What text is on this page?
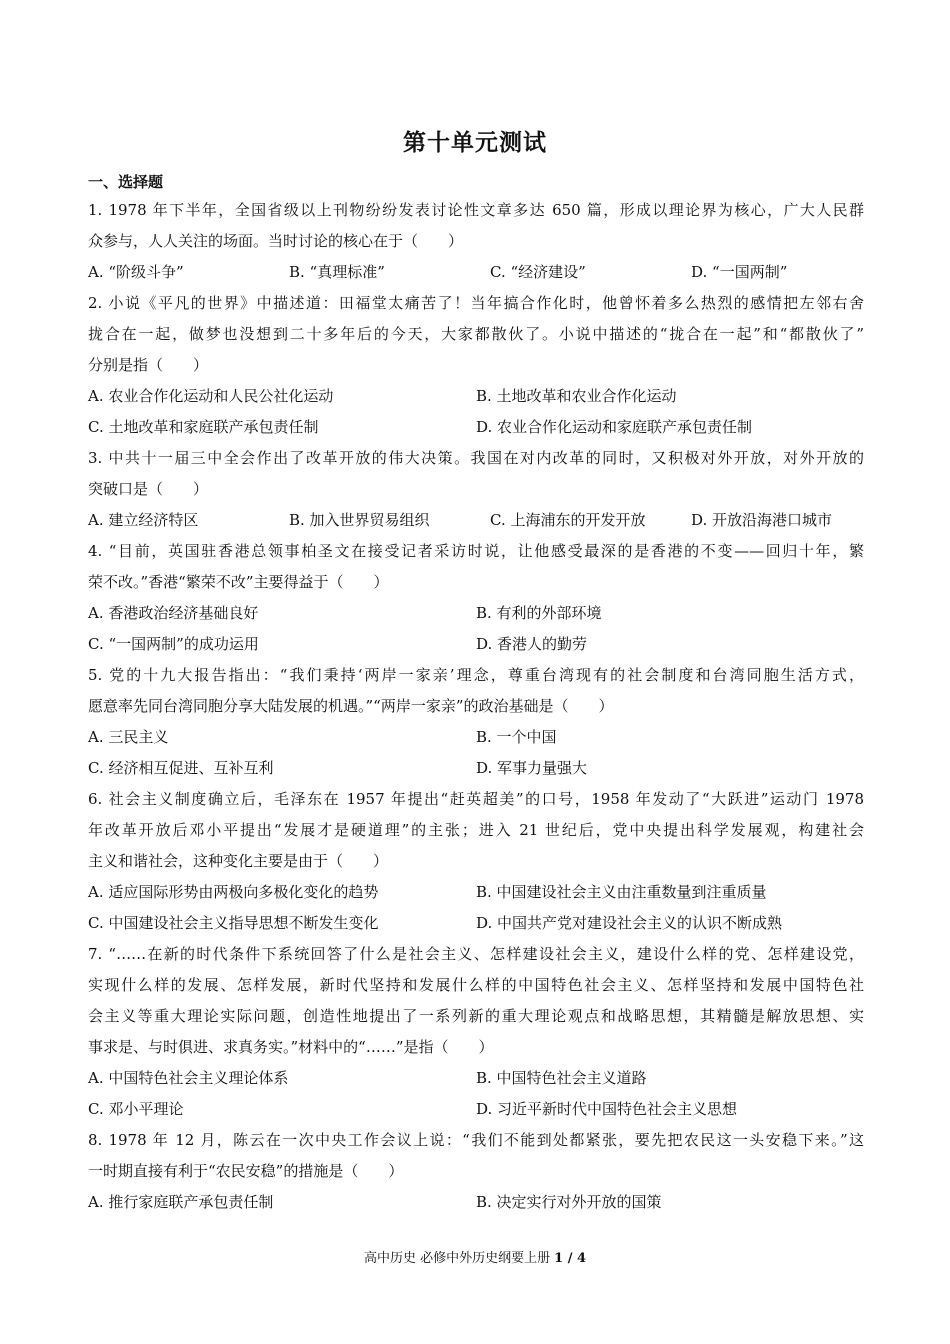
第十单元测试
一、选择题
1. 1978 年下半年，全国省级以上刊物纷纷发表讨论性文章多达 650 篇，形成以理论界为核心，广大人民群
众参与，人人关注的场面。当时讨论的核心在于（　　）
A. “阶级斗争”	B. “真理标准”	C. “经济建设”	D. “一国两制”
2. 小说《平凡的世界》中描述道：田福堂太痛苦了！当年搞合作化时，他曾怀着多么热烈的感情把左邻右舍
拢合在一起，做梦也没想到二十多年后的今天，大家都散伙了。小说中描述的“拢合在一起”和“都散伙了”
分别是指（　　）
A. 农业合作化运动和人民公社化运动	B. 土地改革和农业合作化运动
C. 土地改革和家庭联产承包责任制	D. 农业合作化运动和家庭联产承包责任制
3. 中共十一届三中全会作出了改革开放的伟大决策。我国在对内改革的同时，又积极对外开放，对外开放的
突破口是（　　）
A. 建立经济特区	B. 加入世界贸易组织	C. 上海浦东的开发开放	D. 开放沿海港口城市
4. “目前，英国驻香港总领事柏圣文在接受记者采访时说，让他感受最深的是香港的不变——回归十年，繁
荣不改。”香港“繁荣不改”主要得益于（　　）
A. 香港政治经济基础良好	B. 有利的外部环境
C. “一国两制”的成功运用	D. 香港人的勤劳
5. 党的十九大报告指出：“我们秉持‘两岸一家亲’理念，尊重台湾现有的社会制度和台湾同胞生活方式，
愿意率先同台湾同胞分享大陆发展的机遇。”“两岸一家亲”的政治基础是（　　）
A. 三民主义	B. 一个中国
C. 经济相互促进、互补互利	D. 军事力量强大
6. 社会主义制度确立后，毛泽东在 1957 年提出“赶英超美”的口号，1958 年发动了“大跃进”运动门 1978
年改革开放后邓小平提出“发展才是硬道理”的主张；进入 21 世纪后，党中央提出科学发展观，构建社会
主义和谐社会，这种变化主要是由于（　　）
A. 适应国际形势由两极向多极化变化的趋势	B. 中国建设社会主义由注重数量到注重质量
C. 中国建设社会主义指导思想不断发生变化	D. 中国共产党对建设社会主义的认识不断成熟
7. “……在新的时代条件下系统回答了什么是社会主义、怎样建设社会主义，建设什么样的党、怎样建设党，
实现什么样的发展、怎样发展，新时代坚持和发展什么样的中国特色社会主义、怎样坚持和发展中国特色社
会主义等重大理论实际问题，创造性地提出了一系列新的重大理论观点和战略思想，其精髓是解放思想、实
事求是、与时俱进、求真务实。”材料中的“……”是指（　　）
A. 中国特色社会主义理论体系	B. 中国特色社会主义道路
C. 邓小平理论	D. 习近平新时代中国特色社会主义思想
8. 1978 年 12 月，陈云在一次中央工作会议上说：“我们不能到处都紧张，要先把农民这一头安稳下来。”这
一时期直接有利于“农民安稳”的措施是（　　）
A. 推行家庭联产承包责任制	B. 决定实行对外开放的国策
高中历史 必修中外历史纲要上册 1 / 4
